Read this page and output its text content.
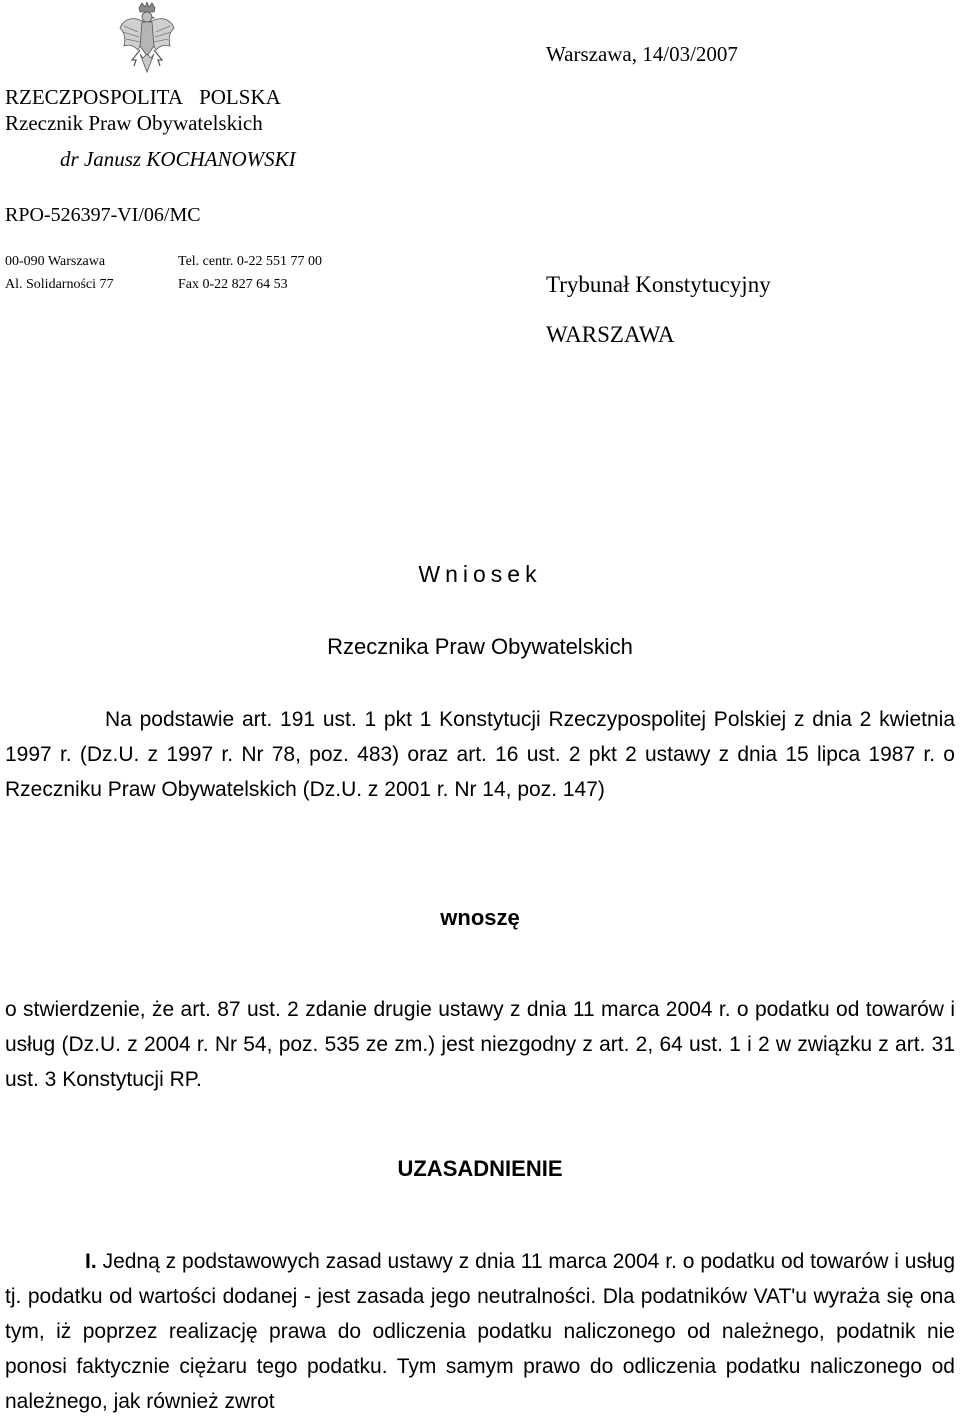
RZECZPOSPOLITA POLSKA
Rzecznik Praw Obywatelskich
dr Janusz KOCHANOWSKI
RPO-526397-VI/06/MC
00-090 Warszawa
Al. Solidarności 77
Tel. centr. 0-22 551 77 00
Fax 0-22 827 64 53
Warszawa, 14/03/2007
Trybunał Konstytucyjny
WARSZAWA
Wniosek
Rzecznika Praw Obywatelskich
Na podstawie art. 191 ust. 1 pkt 1 Konstytucji Rzeczypospolitej Polskiej z dnia 2 kwietnia 1997 r. (Dz.U. z 1997 r. Nr 78, poz. 483) oraz art. 16 ust. 2 pkt 2 ustawy z dnia 15 lipca 1987 r. o Rzeczniku Praw Obywatelskich (Dz.U. z 2001 r. Nr 14, poz. 147)
wnoszę
o stwierdzenie, że art. 87 ust. 2 zdanie drugie ustawy z dnia 11 marca 2004 r. o podatku od towarów i usług (Dz.U. z 2004 r. Nr 54, poz. 535 ze zm.) jest niezgodny z art. 2, 64 ust. 1 i 2 w związku z art. 31 ust. 3 Konstytucji RP.
UZASADNIENIE
I. Jedną z podstawowych zasad ustawy z dnia 11 marca 2004 r. o podatku od towarów i usług tj. podatku od wartości dodanej - jest zasada jego neutralności. Dla podatników VAT'u wyraża się ona tym, iż poprzez realizację prawa do odliczenia podatku naliczonego od należnego, podatnik nie ponosi faktycznie ciężaru tego podatku. Tym samym prawo do odliczenia podatku naliczonego od należnego, jak również zwrot
